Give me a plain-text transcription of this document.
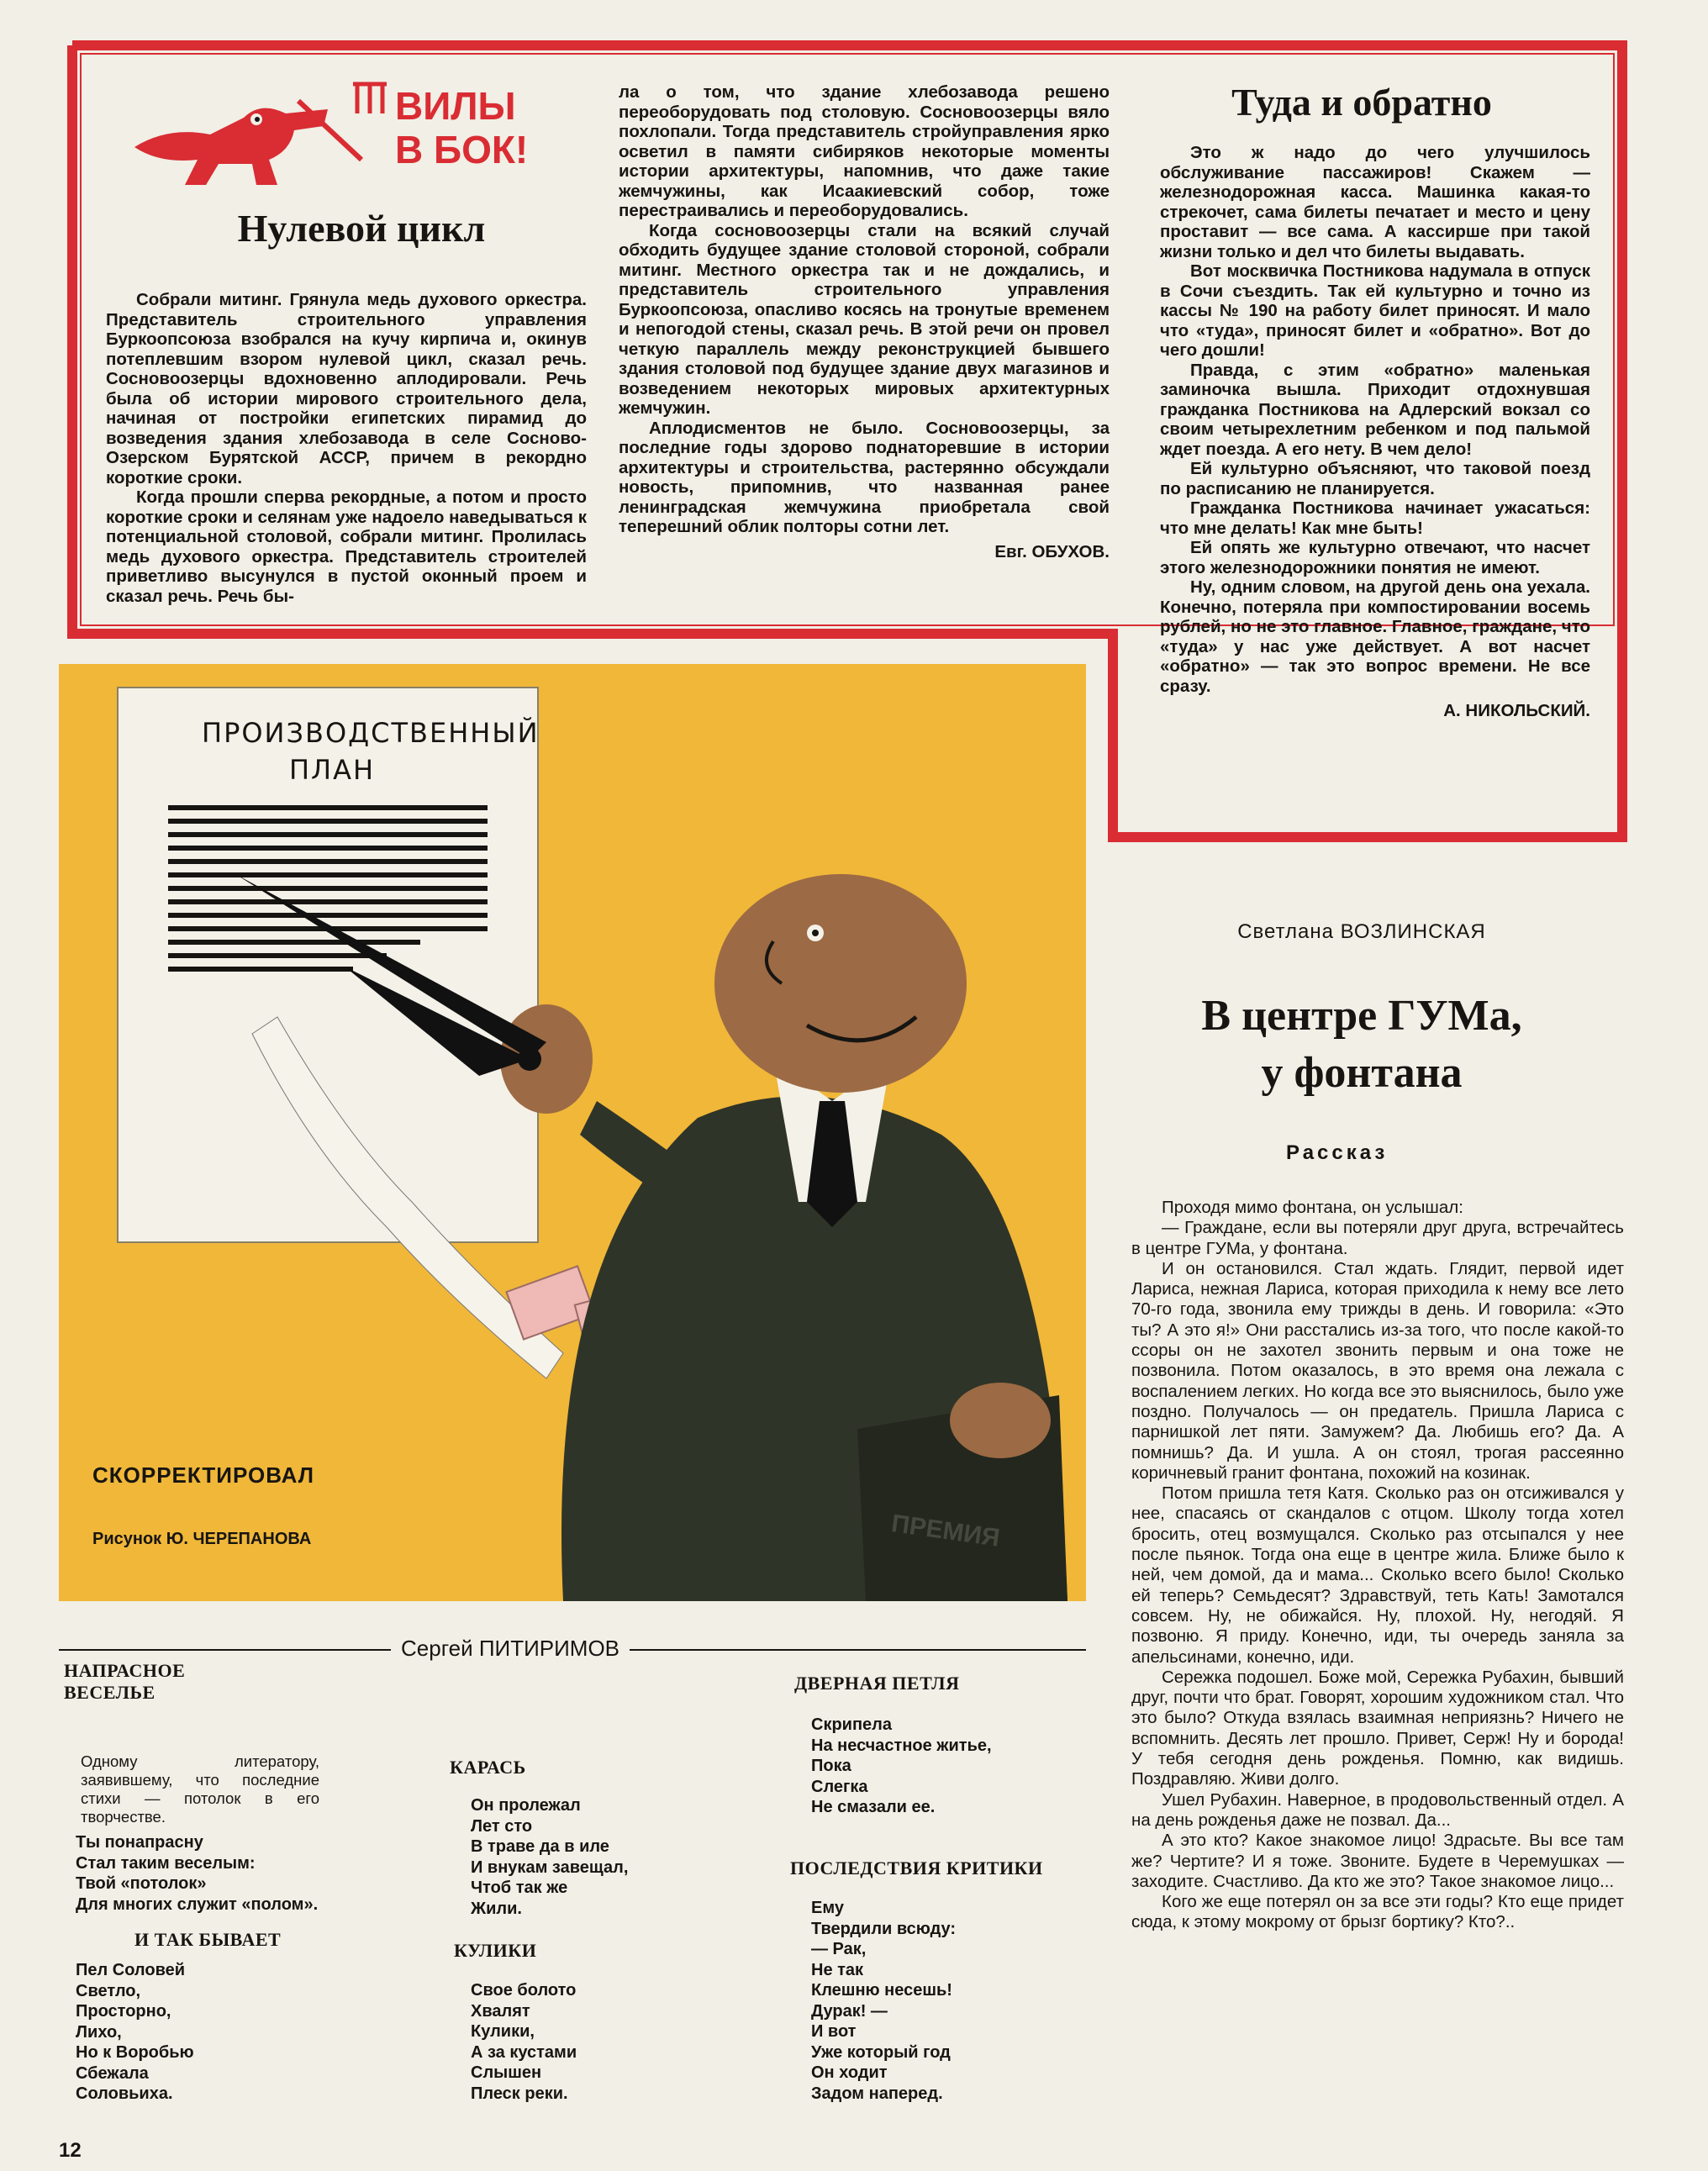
ВИЛЫ
В БОК!
Нулевой цикл

Собрали митинг. Грянула медь духового оркестра. Представитель строительного управления Буркоопсоюза взобрался на кучу кирпича и, окинув потеплевшим взором нулевой цикл, сказал речь. Сосновоозерцы вдохновенно аплодировали. Речь была об истории мирового строительного дела, начиная от постройки египетских пирамид до возведения здания хлебозавода в селе Сосново-Озерском Бурятской АССР, причем в рекордно короткие сроки.

Когда прошли сперва рекордные, а потом и просто короткие сроки и селянам уже надоело наведываться к потенциальной столовой, собрали митинг. Пролилась медь духового оркестра. Представитель строителей приветливо высунулся в пустой оконный проем и сказал речь. Речь бы-

ла о том, что здание хлебозавода решено переоборудовать под столовую. Сосновоозерцы вяло похлопали. Тогда представитель стройуправления ярко осветил в памяти сибиряков некоторые моменты истории архитектуры, напомнив, что даже такие жемчужины, как Исаакиевский собор, тоже перестраивались и переоборудовались.

Когда сосновоозерцы стали на всякий случай обходить будущее здание столовой стороной, собрали митинг. Местного оркестра так и не дождались, и представитель строительного управления Буркоопсоюза, опасливо косясь на тронутые временем и непогодой стены, сказал речь. В этой речи он провел четкую параллель между реконструкцией бывшего здания столовой под будущее здание двух магазинов и возведением некоторых мировых архитектурных жемчужин.

Аплодисментов не было. Сосновоозерцы, за последние годы здорово поднаторевшие в истории архитектуры и строительства, растерянно обсуждали новость, припомнив, что названная ранее ленинградская жемчужина приобретала свой теперешний облик полторы сотни лет.

Евг. ОБУХОВ.

Туда и обратно

Это ж надо до чего улучшилось обслуживание пассажиров! Скажем — железнодорожная касса. Машинка какая-то стрекочет, сама билеты печатает и место и цену проставит — все сама. А кассирше при такой жизни только и дел что билеты выдавать.

Вот москвичка Постникова надумала в отпуск в Сочи съездить. Так ей культурно и точно из кассы № 190 на работу билет приносят. И мало что «туда», приносят билет и «обратно». Вот до чего дошли!

Правда, с этим «обратно» маленькая заминочка вышла. Приходит отдохнувшая гражданка Постникова на Адлерский вокзал со своим четырехлетним ребенком и под пальмой ждет поезда. А его нету. В чем дело!

Ей культурно объясняют, что таковой поезд по расписанию не планируется.

Гражданка Постникова начинает ужасаться: что мне делать! Как мне быть!

Ей опять же культурно отвечают, что насчет этого железнодорожники понятия не имеют.

Ну, одним словом, на другой день она уехала. Конечно, потеряла при компостировании восемь рублей, но не это главное. Главное, граждане, что «туда» у нас уже действует. А вот насчет «обратно» — так это вопрос времени. Не все сразу.

А. НИКОЛЬСКИЙ.

ПРОИЗВОДСТВЕННЫЙ
ПЛАН
ПРЕМИЯ
СКОРРЕКТИРОВАЛ
Рисунок Ю. ЧЕРЕПАНОВА
Светлана ВОЗЛИНСКАЯ
В центре ГУМа,
у фонтана
Рассказ

Проходя мимо фонтана, он услышал:

— Граждане, если вы потеряли друг друга, встречайтесь в центре ГУМа, у фонтана.

И он остановился. Стал ждать. Глядит, первой идет Лариса, нежная Лариса, которая приходила к нему все лето 70-го года, звонила ему трижды в день. И говорила: «Это ты? А это я!» Они расстались из-за того, что после какой-то ссоры он не захотел звонить первым и она тоже не позвонила. Потом оказалось, в это время она лежала с воспалением легких. Но когда все это выяснилось, было уже поздно. Получалось — он предатель. Пришла Лариса с парнишкой лет пяти. Замужем? Да. Любишь его? Да. А помнишь? Да. И ушла. А он стоял, трогая рассеянно коричневый гранит фонтана, похожий на козинак.

Потом пришла тетя Катя. Сколько раз он отсиживался у нее, спасаясь от скандалов с отцом. Школу тогда хотел бросить, отец возмущался. Сколько раз отсыпался у нее после пьянок. Тогда она еще в центре жила. Ближе было к ней, чем домой, да и мама... Сколько всего было! Сколько ей теперь? Семьдесят? Здравствуй, теть Кать! Замотался совсем. Ну, не обижайся. Ну, плохой. Ну, негодяй. Я позвоню. Я приду. Конечно, иди, ты очередь заняла за апельсинами, конечно, иди.

Сережка подошел. Боже мой, Сережка Рубахин, бывший друг, почти что брат. Говорят, хорошим художником стал. Что это было? Откуда взялась взаимная неприязнь? Ничего не вспомнить. Десять лет прошло. Привет, Серж! Ну и борода! У тебя сегодня день рожденья. Помню, как видишь. Поздравляю. Живи долго.

Ушел Рубахин. Наверное, в продовольственный отдел. А на день рожденья даже не позвал. Да...

А это кто? Какое знакомое лицо! Здрасьте. Вы все там же? Чертите? И я тоже. Звоните. Будете в Черемушках — заходите. Счастливо. Да кто же это? Такое знакомое лицо...

Кого же еще потерял он за все эти годы? Кто еще придет сюда, к этому мокрому от брызг бортику? Кто?..

Сергей ПИТИРИМОВ
НАПРАСНОЕ ВЕСЕЛЬЕ
Одному литератору, заявившему, что последние стихи — потолок в его творчестве.
Ты понапрасну
Стал таким веселым:
Твой «потолок»
Для многих служит «полом».
И ТАК БЫВАЕТ
Пел Соловей
Светло,
Просторно,
Лихо,
Но к Воробью
Сбежала
Соловьиха.
КАРАСЬ
Он пролежал
Лет сто
В траве да в иле
И внукам завещал,
Чтоб так же
Жили.
КУЛИКИ
Свое болото
Хвалят
Кулики,
А за кустами
Слышен
Плеск реки.
ДВЕРНАЯ ПЕТЛЯ
Скрипела
На несчастное житье,
Пока
Слегка
Не смазали ее.
ПОСЛЕДСТВИЯ КРИТИКИ
Ему
Твердили всюду:
— Рак,
Не так
Клешню несешь!
Дурак! —
И вот
Уже который год
Он ходит
Задом наперед.
12
